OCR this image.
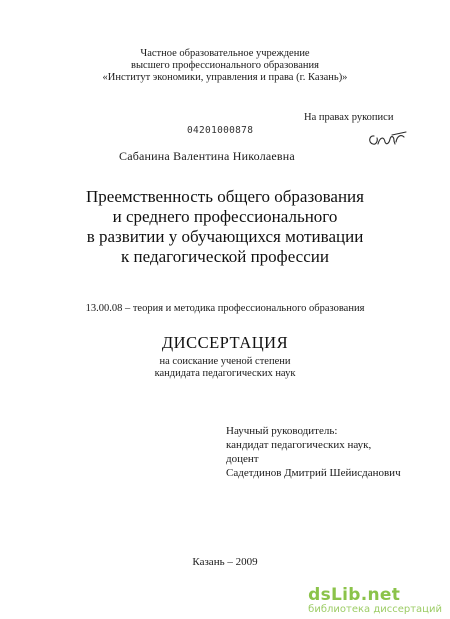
Частное образовательное учреждение
высшего профессионального образования
«Институт экономики, управления и права (г. Казань)»
04201000878
На правах рукописи
Сабанина Валентина Николаевна
Преемственность общего образования
и среднего профессионального
в развитии у обучающихся мотивации
к педагогической профессии
13.00.08 – теория и методика профессионального образования
ДИССЕРТАЦИЯ
на соискание ученой степени
кандидата педагогических наук
Научный руководитель:
кандидат педагогических наук,
доцент
Садетдинов Дмитрий Шейисданович
Казань – 2009
dsLib.net
библиотека диссертаций
